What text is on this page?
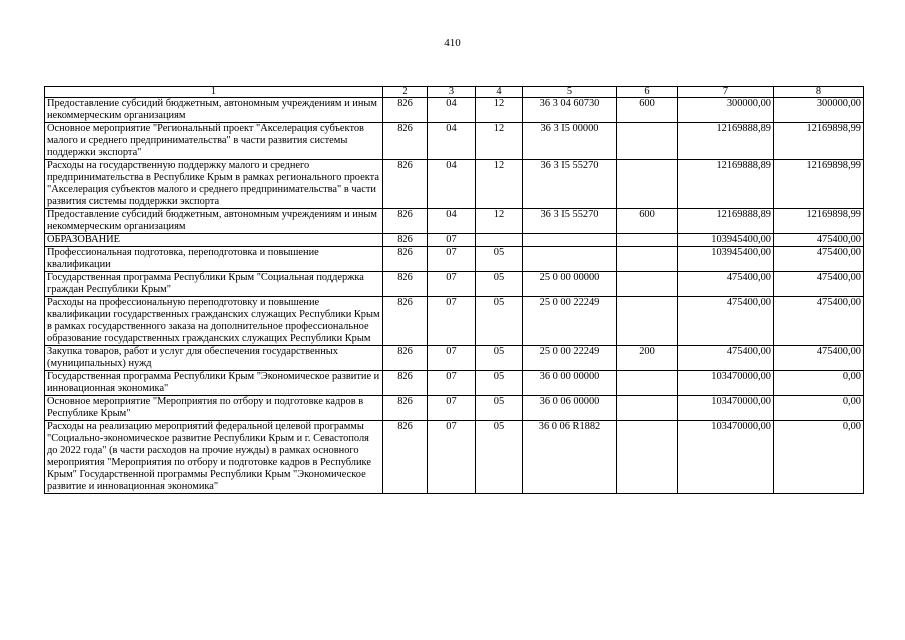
410
1	2	3	4	5	6	7	8
Предоставление субсидий бюджетным, автономным учреждениям и иным некоммерческим организациям	826	04	12	36 3 04 60730	600	300000,00	300000,00
Основное мероприятие "Региональный проект "Акселерация субъектов малого и среднего предпринимательства" в части развития системы поддержки экспорта"	826	04	12	36 3 I5 00000		12169888,89	12169898,99
Расходы на государственную поддержку малого и среднего предпринимательства в Республике Крым в рамках регионального проекта "Акселерация субъектов малого и среднего предпринимательства" в части развития системы поддержки экспорта	826	04	12	36 3 I5 55270		12169888,89	12169898,99
Предоставление субсидий бюджетным, автономным учреждениям и иным некоммерческим организациям	826	04	12	36 3 I5 55270	600	12169888,89	12169898,99
ОБРАЗОВАНИЕ	826	07				103945400,00	475400,00
Профессиональная подготовка, переподготовка и повышение квалификации	826	07	05			103945400,00	475400,00
Государственная программа Республики Крым "Социальная поддержка граждан Республики Крым"	826	07	05	25 0 00 00000		475400,00	475400,00
Расходы на профессиональную переподготовку и повышение квалификации государственных гражданских служащих Республики Крым в рамках государственного заказа на дополнительное профессиональное образование государственных гражданских служащих Республики Крым	826	07	05	25 0 00 22249		475400,00	475400,00
Закупка товаров, работ и услуг для обеспечения государственных (муниципальных) нужд	826	07	05	25 0 00 22249	200	475400,00	475400,00
Государственная программа Республики Крым "Экономическое развитие и инновационная экономика"	826	07	05	36 0 00 00000		103470000,00	0,00
Основное мероприятие "Мероприятия по отбору и подготовке кадров в Республике Крым"	826	07	05	36 0 06 00000		103470000,00	0,00
Расходы на реализацию мероприятий федеральной целевой программы "Социально-экономическое развитие Республики Крым и г. Севастополя до 2022 года" (в части расходов на прочие нужды) в рамках основного мероприятия "Мероприятия по отбору и подготовке кадров в Республике Крым" Государственной программы Республики Крым "Экономическое развитие и инновационная экономика"	826	07	05	36 0 06 R1882		103470000,00	0,00
